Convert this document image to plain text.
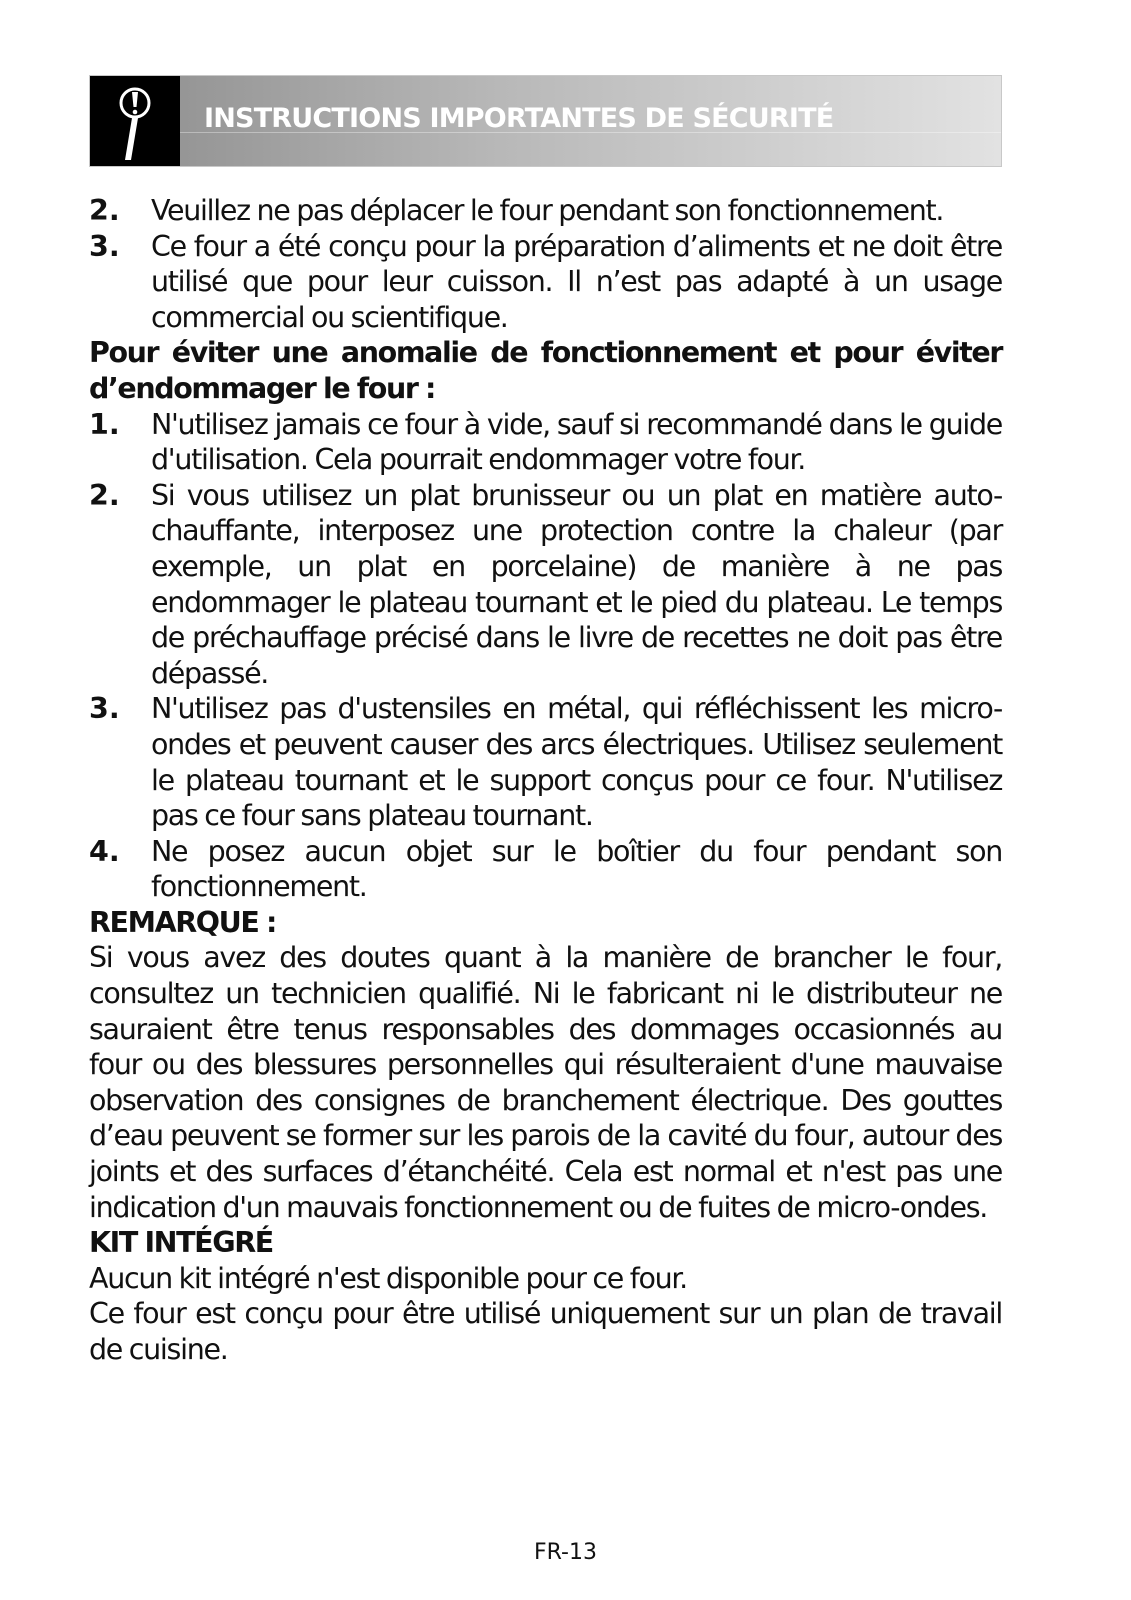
INSTRUCTIONS IMPORTANTES DE SÉCURITÉ
2. Veuillez ne pas déplacer le four pendant son fonctionnement.
3. Ce four a été conçu pour la préparation d’aliments et ne doit être utilisé que pour leur cuisson. Il n’est pas adapté à un usage commercial ou scientifique.
Pour éviter une anomalie de fonctionnement et pour éviter d’endommager le four :
1. N'utilisez jamais ce four à vide, sauf si recommandé dans le guide d'utilisation. Cela pourrait endommager votre four.
2. Si vous utilisez un plat brunisseur ou un plat en matière auto-chauffante, interposez une protection contre la chaleur (par exemple, un plat en porcelaine) de manière à ne pas endommager le plateau tournant et le pied du plateau. Le temps de préchauffage précisé dans le livre de recettes ne doit pas être dépassé.
3. N'utilisez pas d'ustensiles en métal, qui réfléchissent les micro-ondes et peuvent causer des arcs électriques. Utilisez seulement le plateau tournant et le support conçus pour ce four. N'utilisez pas ce four sans plateau tournant.
4. Ne posez aucun objet sur le boîtier du four pendant son fonctionnement.
REMARQUE :
Si vous avez des doutes quant à la manière de brancher le four, consultez un technicien qualifié. Ni le fabricant ni le distributeur ne sauraient être tenus responsables des dommages occasionnés au four ou des blessures personnelles qui résulteraient d'une mauvaise observation des consignes de branchement électrique. Des gouttes d’eau peuvent se former sur les parois de la cavité du four, autour des joints et des surfaces d’étanchéité. Cela est normal et n'est pas une indication d'un mauvais fonctionnement ou de fuites de micro-ondes.
KIT INTÉGRÉ
Aucun kit intégré n'est disponible pour ce four.
Ce four est conçu pour être utilisé uniquement sur un plan de travail de cuisine.
FR-13
